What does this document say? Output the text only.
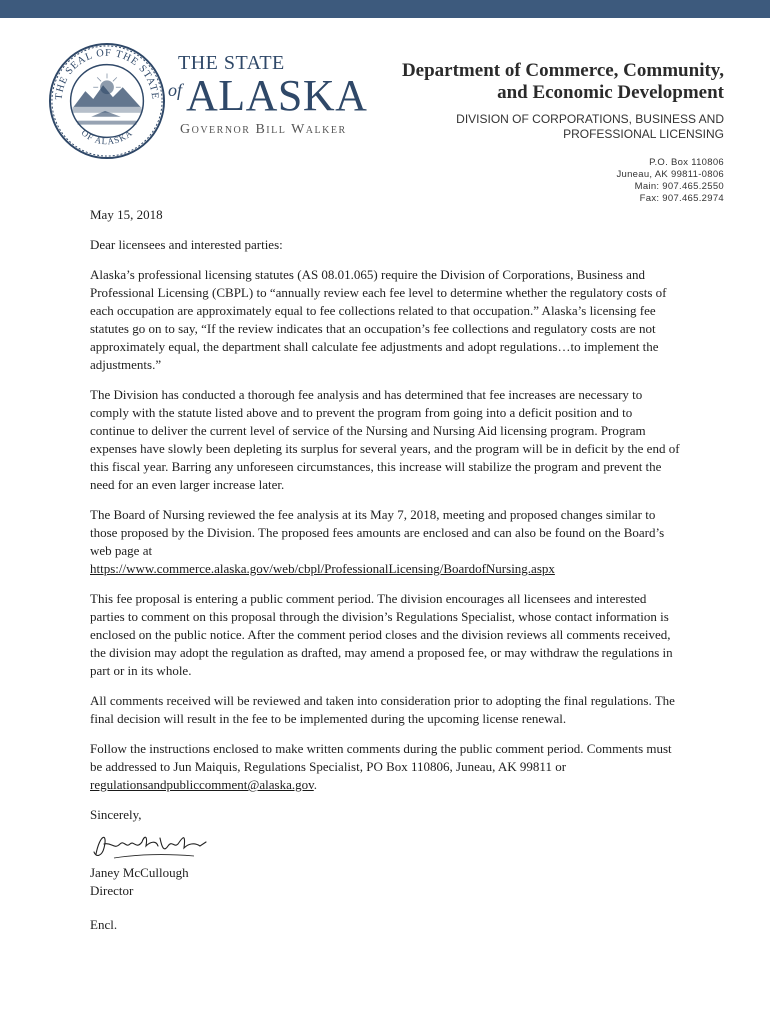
THE SEAL OF THE STATE
OF ALASKA
THE STATE
of ALASKA
Governor Bill Walker
Department of Commerce, Community,
and Economic Development
DIVISION OF CORPORATIONS, BUSINESS AND
PROFESSIONAL LICENSING
P.O. Box 110806
Juneau, AK 99811-0806
Main: 907.465.2550
Fax: 907.465.2974

May 15, 2018

Dear licensees and interested parties:

Alaska’s professional licensing statutes (AS 08.01.065) require the Division of Corporations, Business and Professional Licensing (CBPL) to “annually review each fee level to determine whether the regulatory costs of each occupation are approximately equal to fee collections related to that occupation.” Alaska’s licensing fee statutes go on to say, “If the review indicates that an occupation’s fee collections and regulatory costs are not approximately equal, the department shall calculate fee adjustments and adopt regulations…to implement the adjustments.”

The Division has conducted a thorough fee analysis and has determined that fee increases are necessary to comply with the statute listed above and to prevent the program from going into a deficit position and to continue to deliver the current level of service of the Nursing and Nursing Aid licensing program. Program expenses have slowly been depleting its surplus for several years, and the program will be in deficit by the end of this fiscal year. Barring any unforeseen circumstances, this increase will stabilize the program and prevent the need for an even larger increase later.

The Board of Nursing reviewed the fee analysis at its May 7, 2018, meeting and proposed changes similar to those proposed by the Division. The proposed fees amounts are enclosed and can also be found on the Board’s web page at
https://www.commerce.alaska.gov/web/cbpl/ProfessionalLicensing/BoardofNursing.aspx

This fee proposal is entering a public comment period. The division encourages all licensees and interested parties to comment on this proposal through the division’s Regulations Specialist, whose contact information is enclosed on the public notice. After the comment period closes and the division reviews all comments received, the division may adopt the regulation as drafted, may amend a proposed fee, or may withdraw the regulations in part or in its whole.

All comments received will be reviewed and taken into consideration prior to adopting the final regulations. The final decision will result in the fee to be implemented during the upcoming license renewal.

Follow the instructions enclosed to make written comments during the public comment period. Comments must be addressed to Jun Maiquis, Regulations Specialist, PO Box 110806, Juneau, AK 99811 or
regulationsandpubliccomment@alaska.gov.

Sincerely,

Janey McCullough

Director

Encl.
